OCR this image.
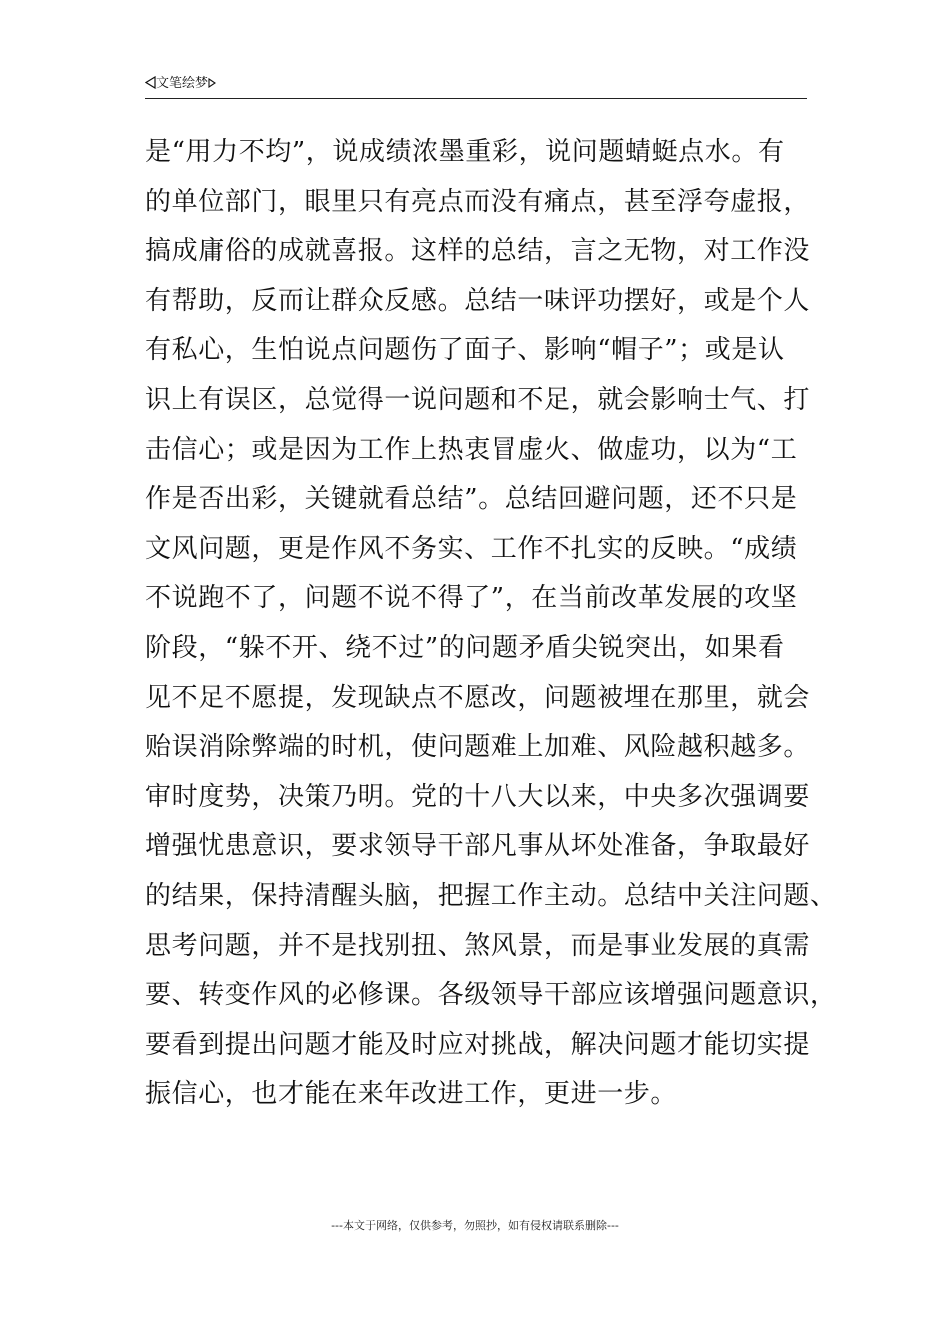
文笔绘梦
是“用力不均”，说成绩浓墨重彩，说问题蜻蜓点水。有
的单位部门，眼里只有亮点而没有痛点，甚至浮夸虚报，
搞成庸俗的成就喜报。这样的总结，言之无物，对工作没
有帮助，反而让群众反感。总结一味评功摆好，或是个人
有私心，生怕说点问题伤了面子、影响“帽子”；或是认
识上有误区，总觉得一说问题和不足，就会影响士气、打
击信心；或是因为工作上热衷冒虚火、做虚功，以为“工
作是否出彩，关键就看总结”。总结回避问题，还不只是
文风问题，更是作风不务实、工作不扎实的反映。“成绩
不说跑不了，问题不说不得了”，在当前改革发展的攻坚
阶段，“躲不开、绕不过”的问题矛盾尖锐突出，如果看
见不足不愿提，发现缺点不愿改，问题被埋在那里，就会
贻误消除弊端的时机，使问题难上加难、风险越积越多。
审时度势，决策乃明。党的十八大以来，中央多次强调要
增强忧患意识，要求领导干部凡事从坏处准备，争取最好
的结果，保持清醒头脑，把握工作主动。总结中关注问题、
思考问题，并不是找别扭、煞风景，而是事业发展的真需
要、转变作风的必修课。各级领导干部应该增强问题意识，
要看到提出问题才能及时应对挑战，解决问题才能切实提
振信心，也才能在来年改进工作，更进一步。
---本文于网络，仅供参考，勿照抄，如有侵权请联系删除---
